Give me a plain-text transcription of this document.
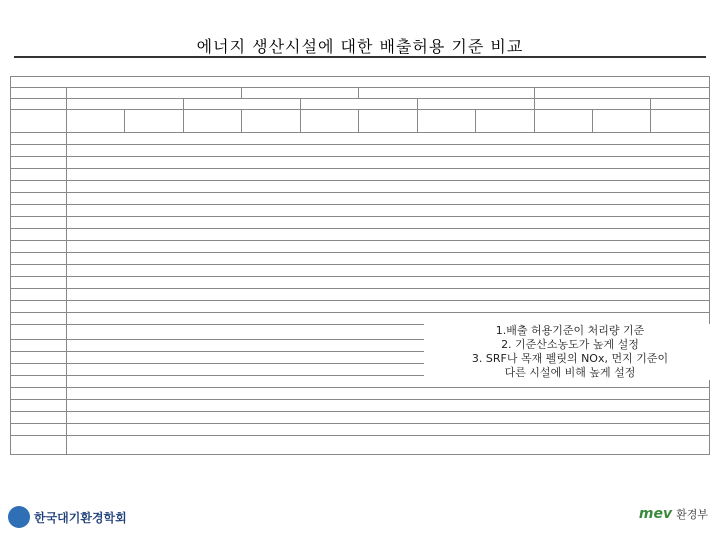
에너지 생산시설에 대한 배출허용 기준 비교

1.배출 허용기준이 처리량 기준
2. 기준산소농도가 높게 설정
3. SRF나 목재 펠릿의 NOx, 먼지 기준이
다른 시설에 비해 높게 설정
한국대기환경학회	mev 환경부
